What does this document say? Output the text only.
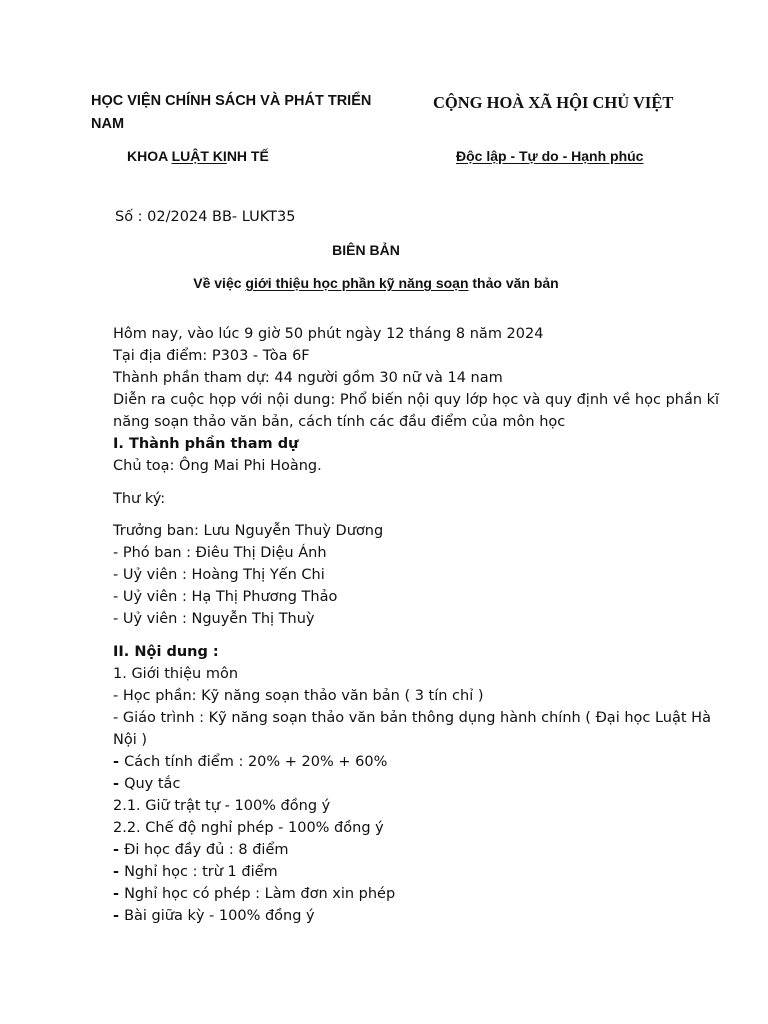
HỌC VIỆN CHÍNH SÁCH VÀ PHÁT TRIỂN
NAM
CỘNG HOÀ XÃ HỘI CHỦ VIỆT
KHOA LUẬT KINH TẾ	Độc lập - Tự do - Hạnh phúc
Số : 02/2024 BB- LUKT35
BIÊN BẢN
Về việc giới thiệu học phần kỹ năng soạn thảo văn bản
Hôm nay, vào lúc 9 giờ 50 phút ngày 12 tháng 8 năm 2024
Tại địa điểm: P303 - Tòa 6F
Thành phần tham dự: 44 người gồm 30 nữ và 14 nam
Diễn ra cuộc họp với nội dung: Phổ biến nội quy lớp học và quy định về học phần kĩ
năng soạn thảo văn bản, cách tính các đầu điểm của môn học
I. Thành phần tham dự
Chủ toạ: Ông Mai Phi Hoàng.
Thư ký:
Trưởng ban: Lưu Nguyễn Thuỳ Dương
- Phó ban : Điêu Thị Diệu Ánh
- Uỷ viên : Hoàng Thị Yến Chi
- Uỷ viên : Hạ Thị Phương Thảo
- Uỷ viên : Nguyễn Thị Thuỳ
II. Nội dung :
1. Giới thiệu môn
- Học phần: Kỹ năng soạn thảo văn bản ( 3 tín chỉ )
- Giáo trình : Kỹ năng soạn thảo văn bản thông dụng hành chính ( Đại học Luật Hà
Nội )
- Cách tính điểm : 20% + 20% + 60%
- Quy tắc
2.1. Giữ trật tự - 100% đồng ý
2.2. Chế độ nghỉ phép - 100% đồng ý
- Đi học đầy đủ : 8 điểm
- Nghỉ học : trừ 1 điểm
- Nghỉ học có phép : Làm đơn xin phép
- Bài giữa kỳ - 100% đồng ý
